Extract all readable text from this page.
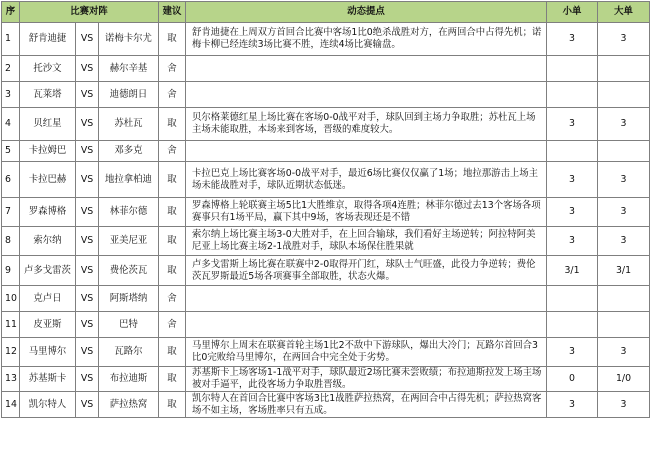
序	比赛对阵			建议	动态提点	小单	大单
1	舒肯迪捷	VS	诺梅卡尔尤	取	舒肯迪捷在上周双方首回合比赛中客场1比0绝杀战胜对方，在两回合中占得先机；诺梅卡柳已经连续3场比赛不胜，连续4场比赛输盘。	3	3
2	托沙文	VS	赫尔辛基	舍			
3	瓦莱塔	VS	迪德朗日	舍			
4	贝红星	VS	苏杜瓦	取	贝尔格莱德红星上场比赛在客场0-0战平对手，球队回到主场力争取胜；苏杜瓦上场主场未能取胜，本场来到客场，晋级的难度较大。	3	3
5	卡拉姆巴	VS	邓多克	舍			
6	卡拉巴赫	VS	地拉拿柏迪	取	卡拉巴克上场比赛客场0-0战平对手，最近6场比赛仅仅赢了1场；地拉那游击上场主场未能战胜对手，球队近期状态低迷。	3	3
7	罗森博格	VS	林菲尔德	取	罗森博格上轮联赛主场5比1大胜维京，取得各项4连胜；林菲尔德过去13个客场各项赛事只有1场平局，赢下其中9场，客场表现还是不错	3	3
8	索尔纳	VS	亚美尼亚	取	索尔纳上场比赛主场3-0大胜对手，在上回合输球，我们看好主场逆转；阿拉特阿美尼亚上场比赛主场2-1战胜对手，球队本场保住胜果就	3	3
9	卢多戈雷茨	VS	费伦茨瓦	取	卢多戈雷斯上场比赛在联赛中2-0取得开门红，球队士气旺盛，此役力争逆转；费伦茨瓦罗斯最近5场各项赛事全部取胜，状态火爆。	3/1	3/1
10	克卢日	VS	阿斯塔纳	舍			
11	皮亚斯	VS	巴特	舍			
12	马里博尔	VS	瓦路尔	取	马里博尔上周末在联赛首轮主场1比2不敌中下游球队，爆出大冷门；瓦路尔首回合3比0完败给马里博尔，在两回合中完全处于劣势。	3	3
13	苏基斯卡	VS	布拉迪斯	取	苏基斯卡上场客场1-1战平对手，球队最近2场比赛未尝败绩；布拉迪斯拉发上场主场被对手逼平，此役客场力争取胜晋级。	0	1/0
14	凯尔特人	VS	萨拉热窝	取	凯尔特人在首回合比赛中客场3比1战胜萨拉热窝，在两回合中占得先机；萨拉热窝客场不如主场，客场胜率只有五成。	3	3
